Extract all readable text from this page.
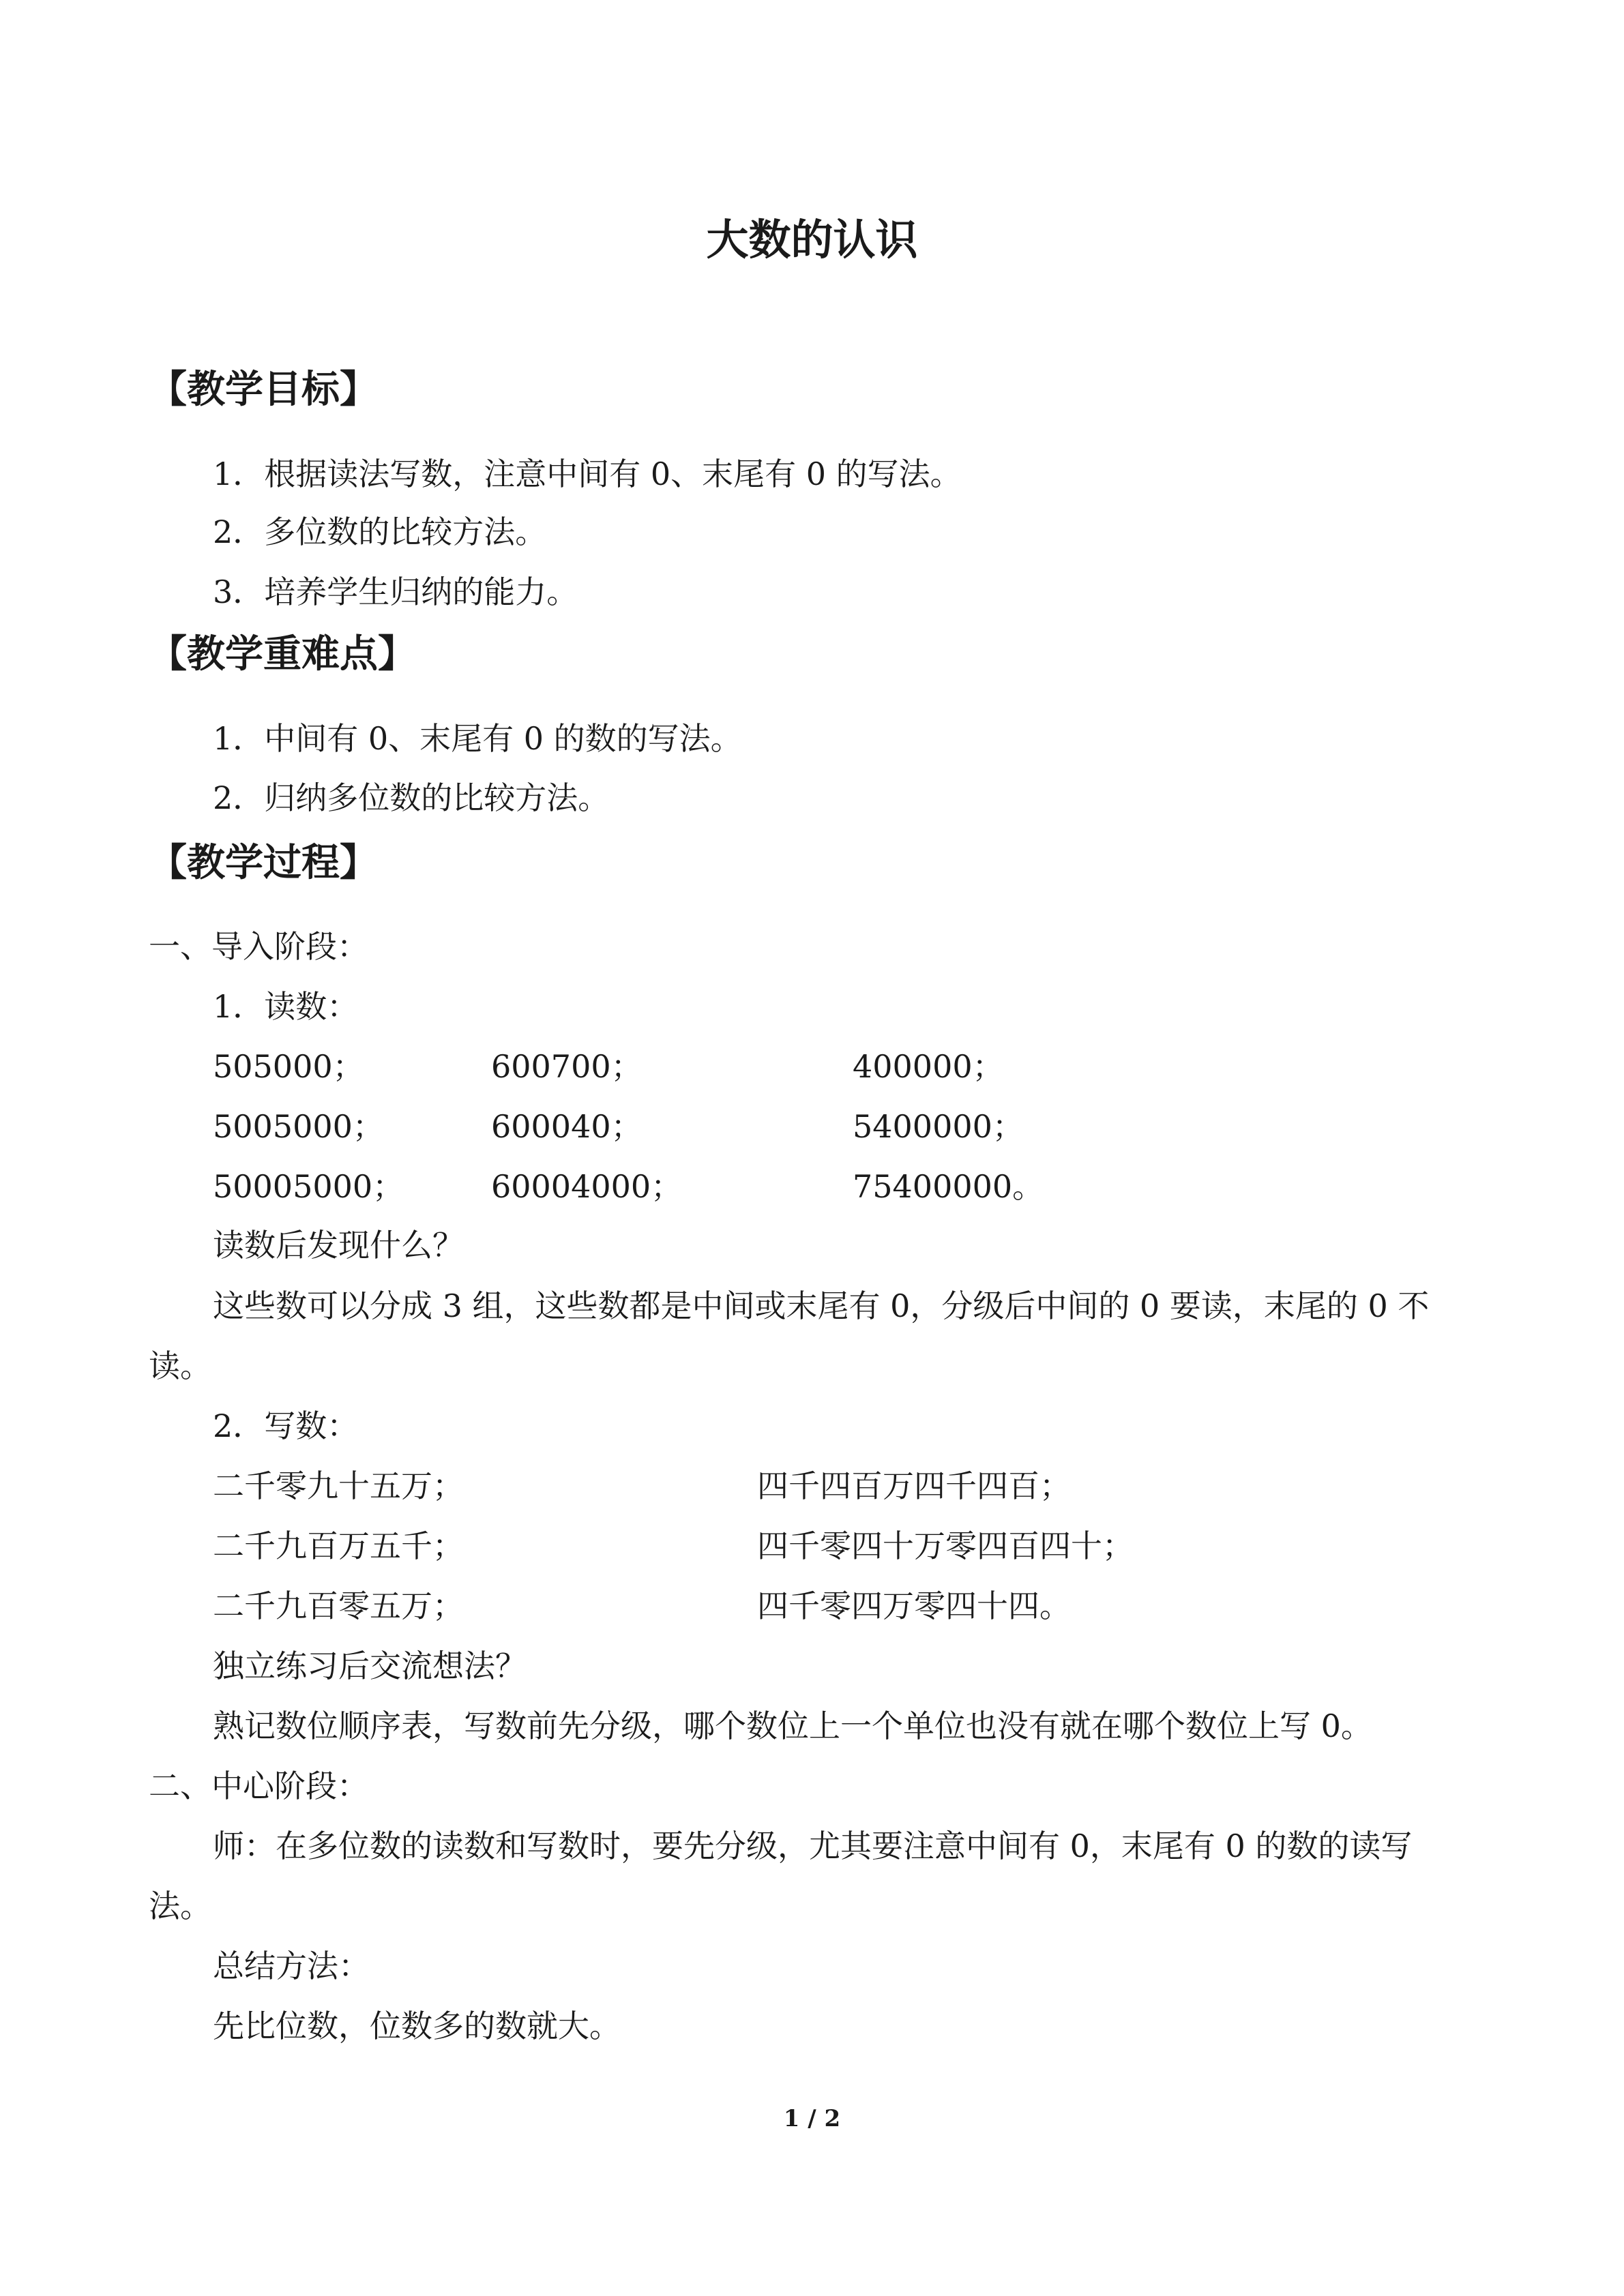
大数的认识
【教学目标】
1．根据读法写数，注意中间有 0、末尾有 0 的写法。
2．多位数的比较方法。
3．培养学生归纳的能力。
【教学重难点】
1．中间有 0、末尾有 0 的数的写法。
2．归纳多位数的比较方法。
【教学过程】
一、导入阶段：
1．读数：
505000；	600700；	400000；
5005000；	600040；	5400000；
50005000；	60004000；	75400000。
读数后发现什么？
这些数可以分成 3 组，这些数都是中间或末尾有 0，分级后中间的 0 要读，末尾的 0 不
读。
2．写数：
二千零九十五万；	四千四百万四千四百；
二千九百万五千；	四千零四十万零四百四十；
二千九百零五万；	四千零四万零四十四。
独立练习后交流想法？
熟记数位顺序表，写数前先分级，哪个数位上一个单位也没有就在哪个数位上写 0。
二、中心阶段：
师：在多位数的读数和写数时，要先分级，尤其要注意中间有 0，末尾有 0 的数的读写
法。
总结方法：
先比位数，位数多的数就大。
1 / 2
